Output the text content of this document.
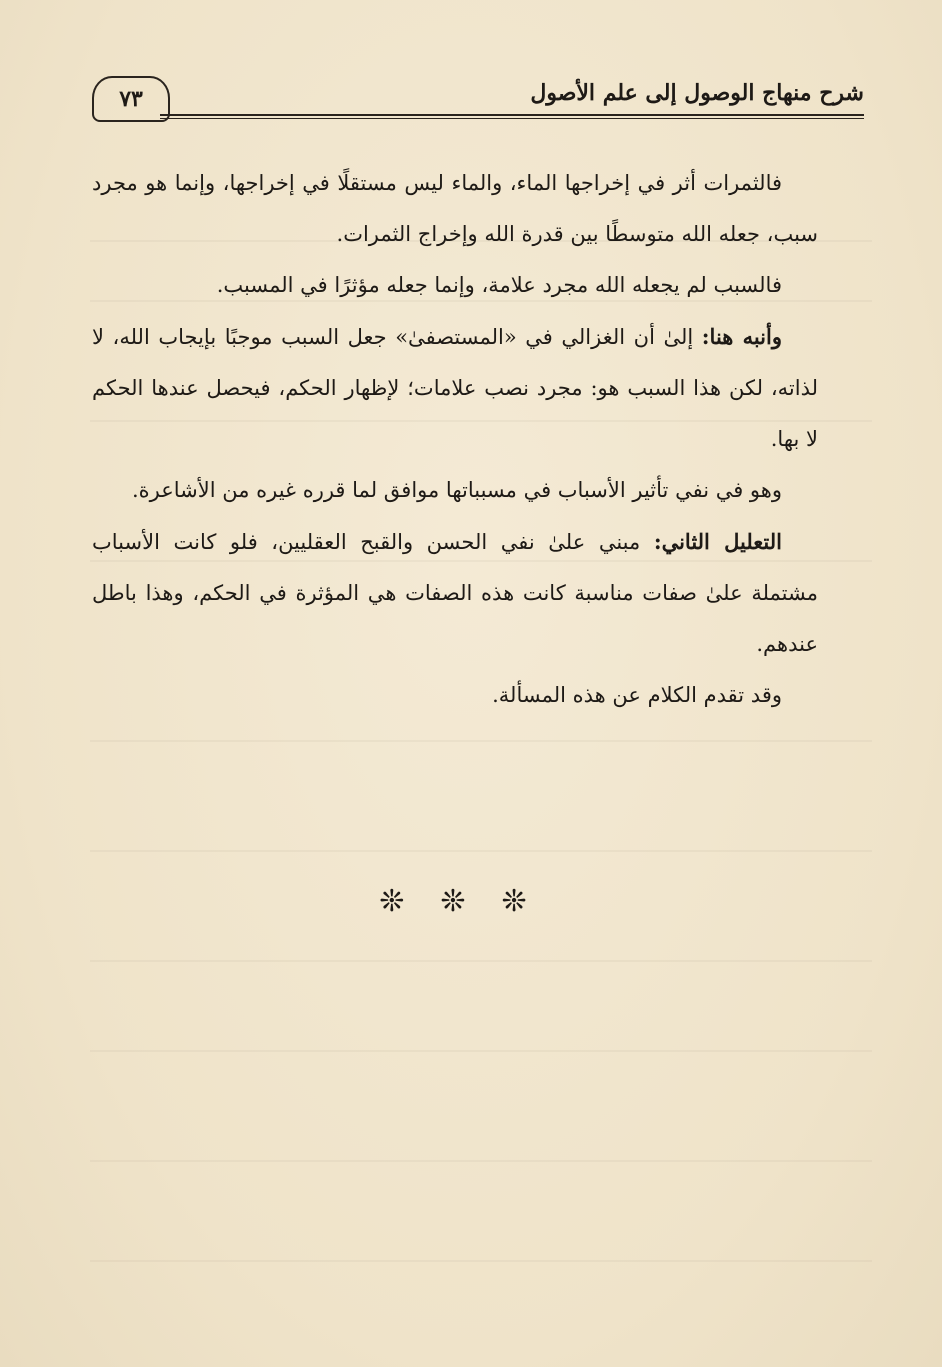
شرح منهاج الوصول إلى علم الأصول
٧٣

فالثمرات أثر في إخراجها الماء، والماء ليس مستقلًا في إخراجها، وإنما هو مجرد سبب، جعله الله متوسطًا بين قدرة الله وإخراج الثمرات.

فالسبب لم يجعله الله مجرد علامة، وإنما جعله مؤثرًا في المسبب.

وأنبه هنا: إلىٰ أن الغزالي في «المستصفىٰ» جعل السبب موجبًا بإيجاب الله، لا لذاته، لكن هذا السبب هو: مجرد نصب علامات؛ لإظهار الحكم، فيحصل عندها الحكم لا بها.

وهو في نفي تأثير الأسباب في مسبباتها موافق لما قرره غيره من الأشاعرة.

التعليل الثاني: مبني علىٰ نفي الحسن والقبح العقليين، فلو كانت الأسباب مشتملة علىٰ صفات مناسبة كانت هذه الصفات هي المؤثرة في الحكم، وهذا باطل عندهم.

وقد تقدم الكلام عن هذه المسألة.

❊❊❊
